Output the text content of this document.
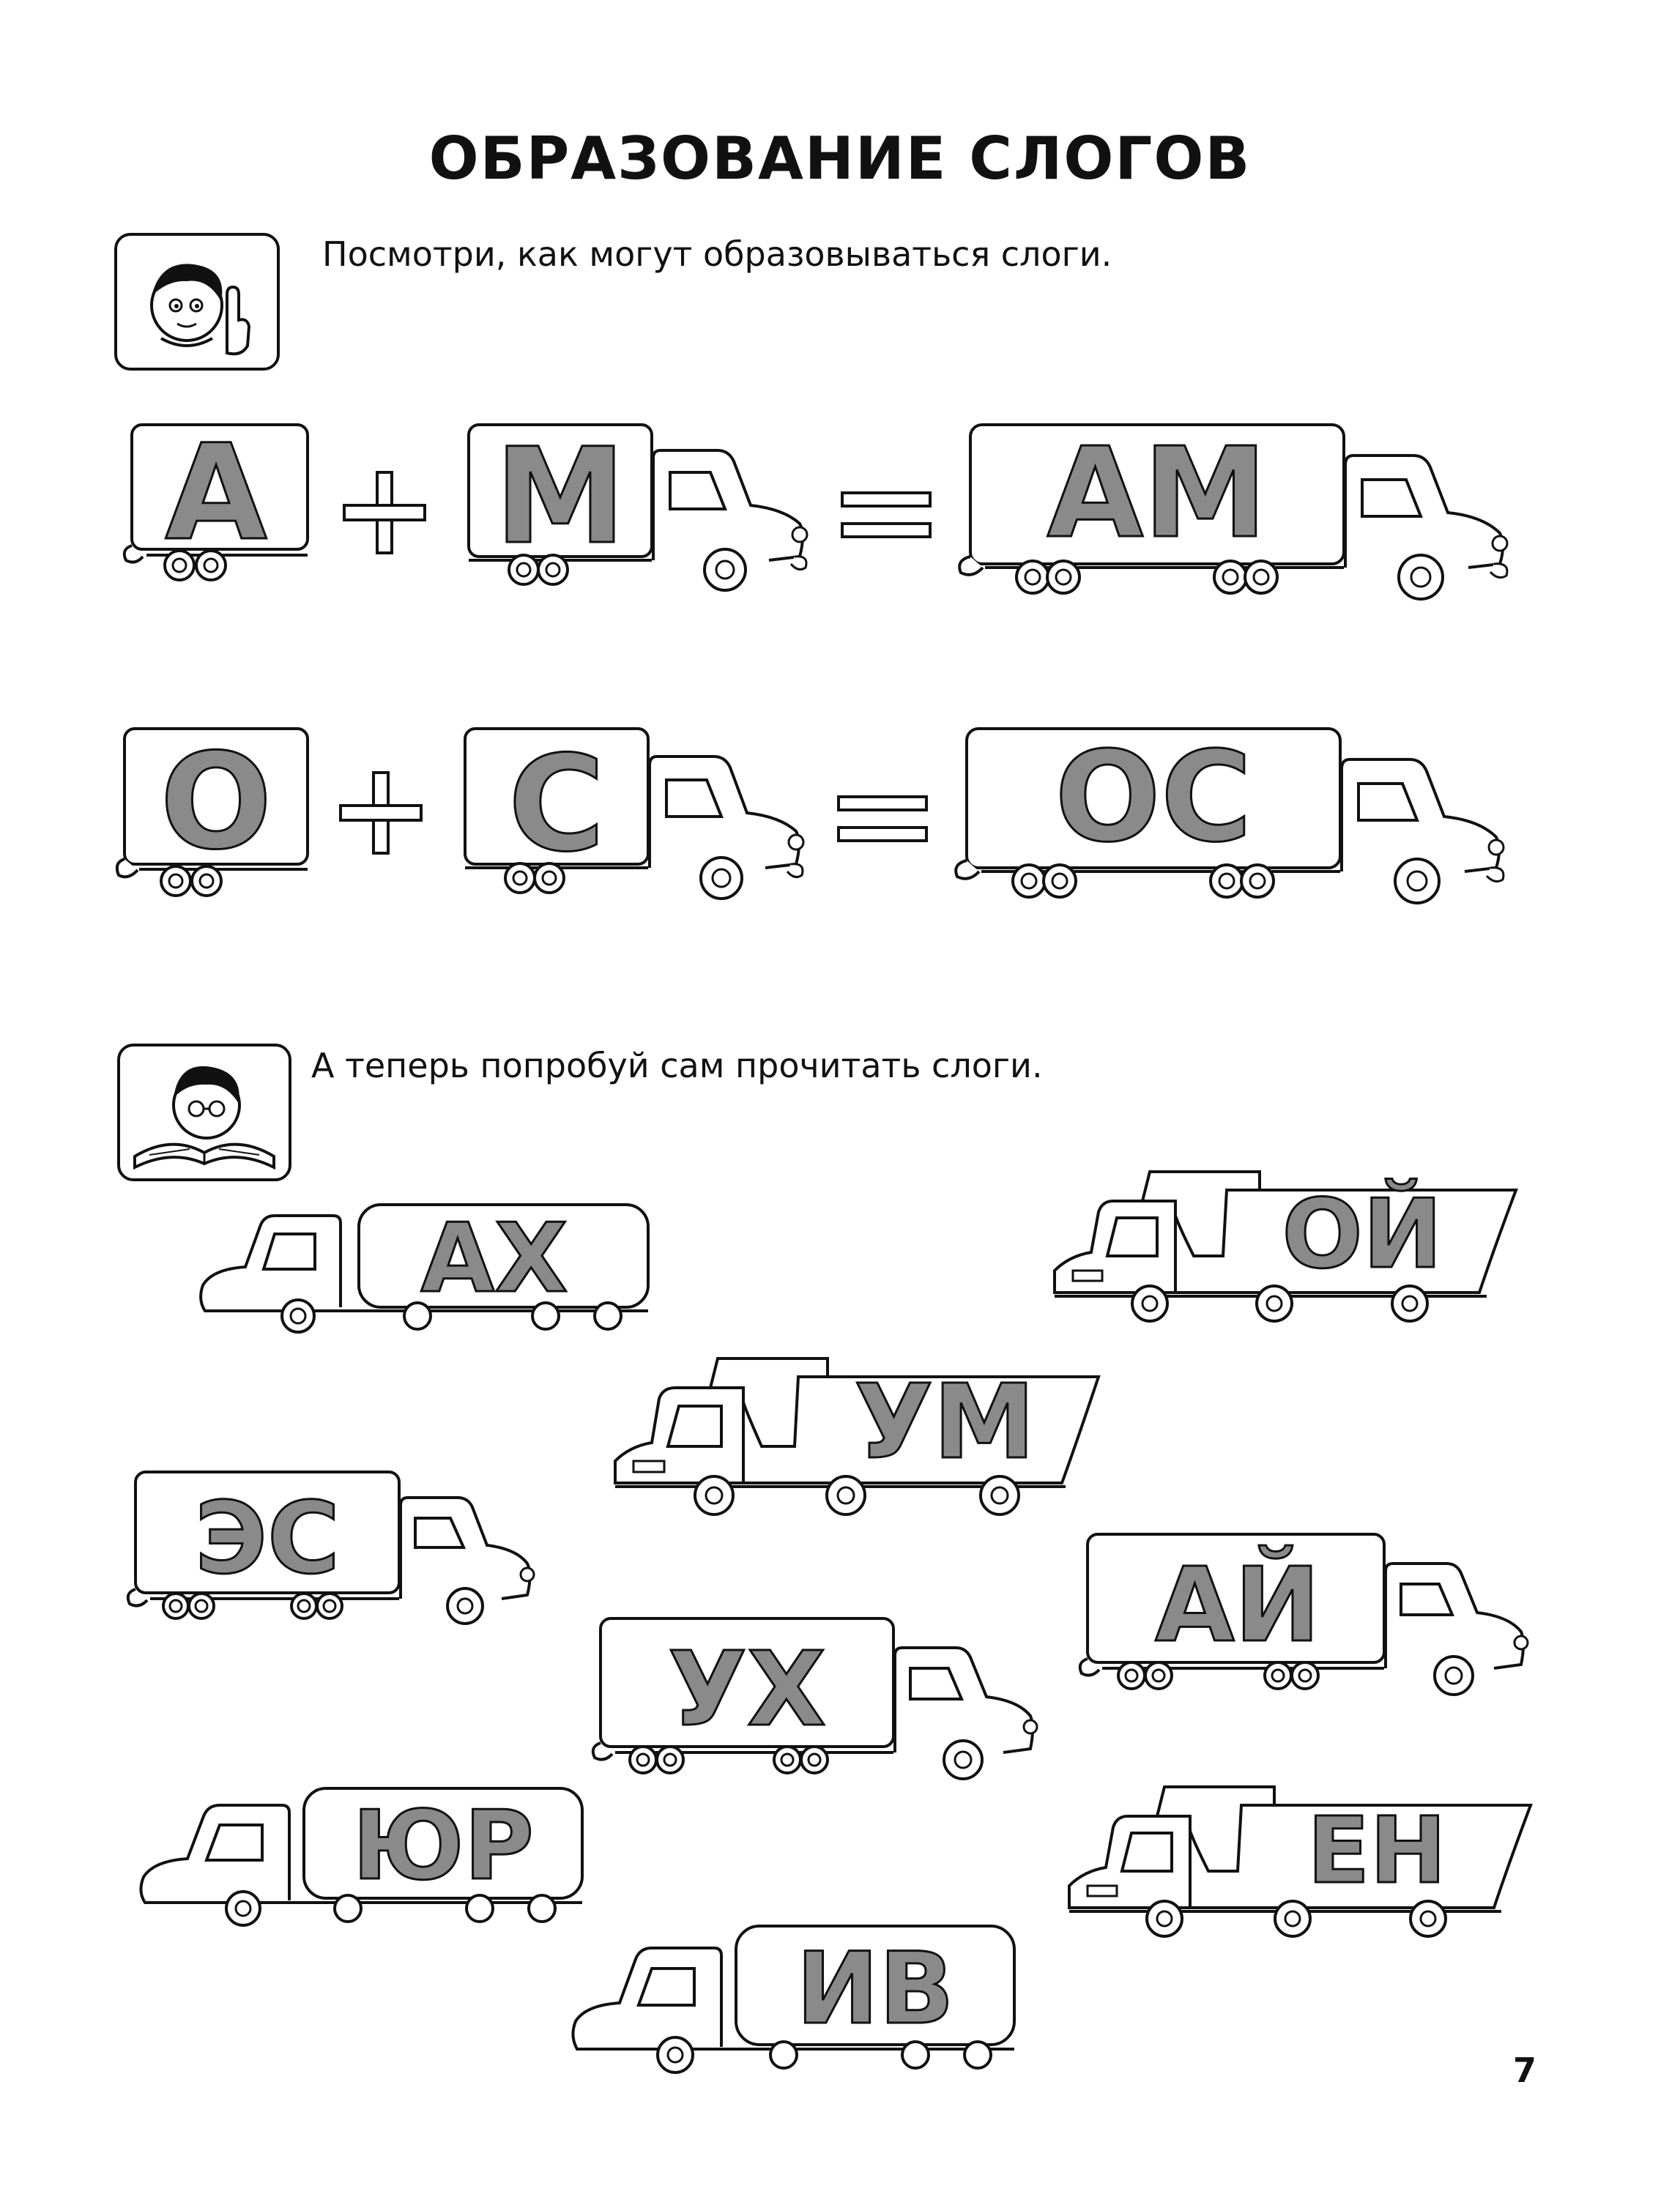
ОБРАЗОВАНИЕ СЛОГОВ
Посмотри, как могут образовываться слоги.
А М	АМ
О С	ОС
А теперь попробуй сам прочитать слоги.
АХ	ОЙ
УМ
ЭС
АЙ
УХ
ЮР	ЕН
ИВ
7
